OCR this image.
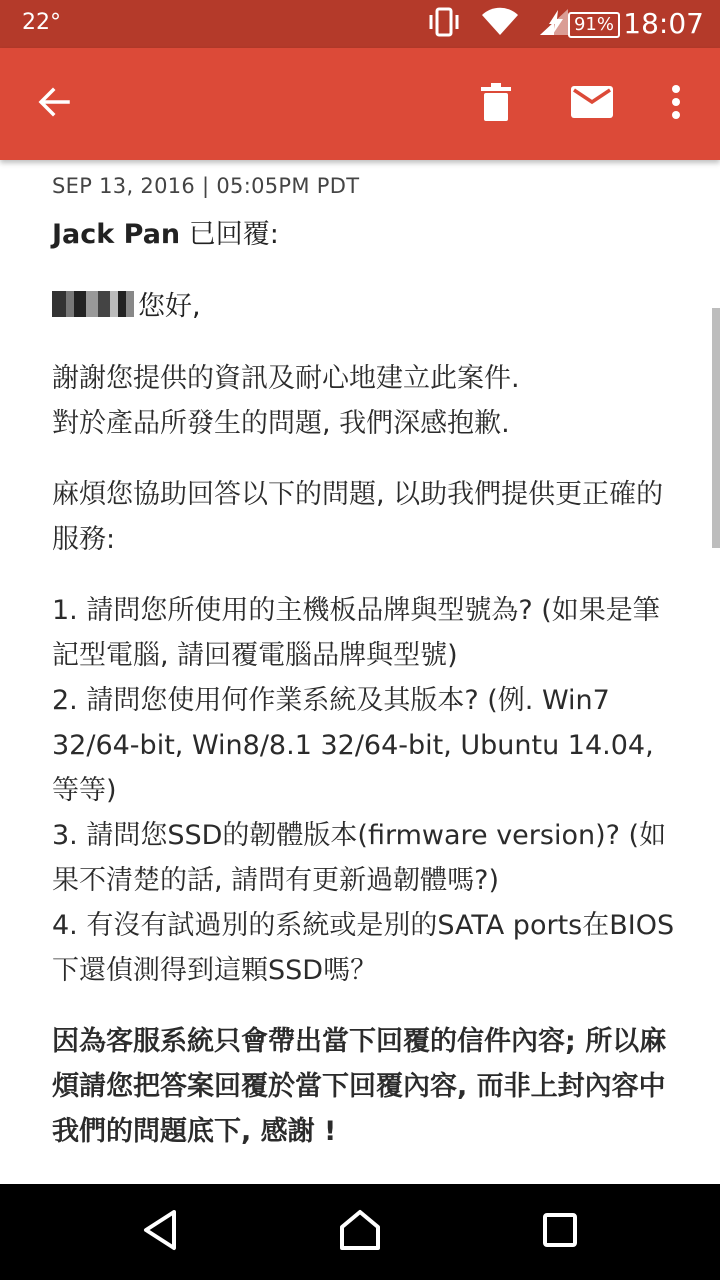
22°	91% 18:07
SEP 13, 2016 | 05:05PM PDT
Jack Pan 已回覆:
您好,

謝謝您提供的資訊及耐心地建立此案件.
對於產品所發生的問題, 我們深感抱歉.

麻煩您協助回答以下的問題, 以助我們提供更正確的服務:

1. 請問您所使用的主機板品牌與型號為? (如果是筆記型電腦, 請回覆電腦品牌與型號)
2. 請問您使用何作業系統及其版本? (例. Win7 32/64-bit, Win8/8.1 32/64-bit, Ubuntu 14.04, 等等)
3. 請問您SSD的韌體版本(firmware version)? (如果不清楚的話, 請問有更新過韌體嗎?)
4. 有沒有試過別的系統或是別的SATA ports在BIOS下還偵測得到這顆SSD嗎？

因為客服系統只會帶出當下回覆的信件內容; 所以麻煩請您把答案回覆於當下回覆內容, 而非上封內容中我們的問題底下, 感謝 !
